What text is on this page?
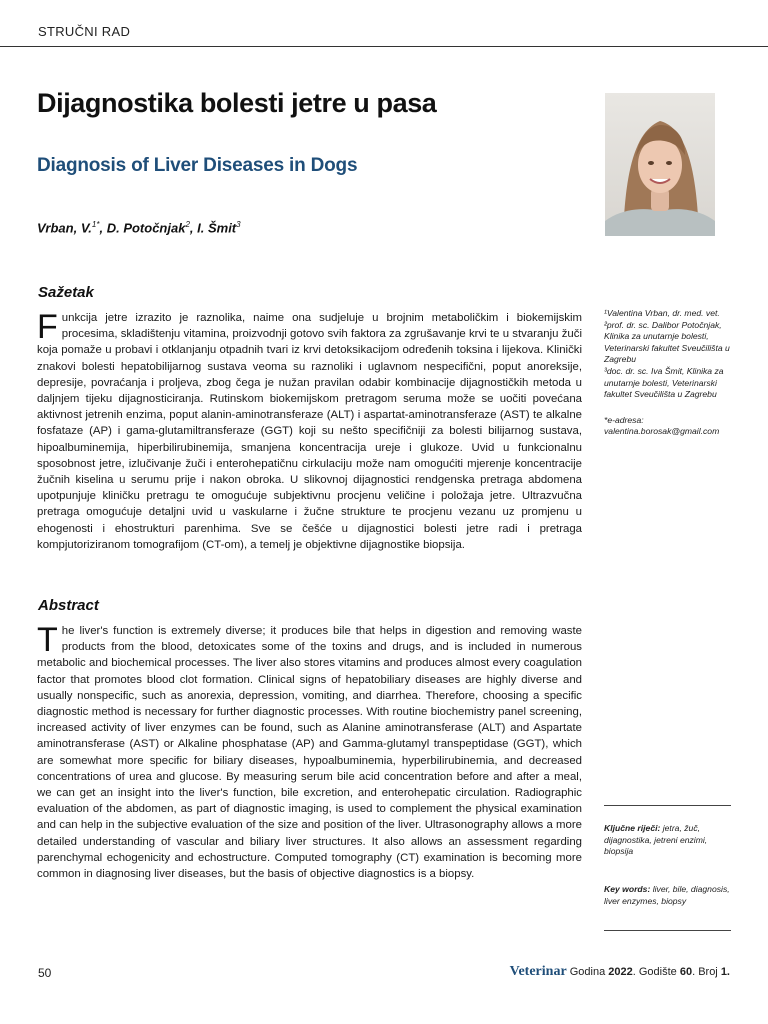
STRUČNI RAD
Dijagnostika bolesti jetre u pasa
Diagnosis of Liver Diseases in Dogs
Vrban, V.$^{1*}$, D. Potočnjak$^2$, I. Šmit$^3$
Sažetak

Funkcija jetre izrazito je raznolika, naime ona sudjeluje u brojnim metaboličkim i biokemijskim procesima, skladištenju vitamina, proizvodnji gotovo svih faktora za zgrušavanje krvi te u stvaranju žuči koja pomaže u probavi i otklanjanju otpadnih tvari iz krvi detoksikacijom određenih toksina i lijekova. Klinički znakovi bolesti hepatobilijarnog sustava veoma su raznoliki i uglavnom nespecifični, poput anoreksije, depresije, povraćanja i proljeva, zbog čega je nužan pravilan odabir kombinacije dijagnostičkih metoda u daljnjem tijeku dijagnosticiranja. Rutinskom biokemijskom pretragom seruma može se uočiti povećana aktivnost jetrenih enzima, poput alanin-aminotransferaze (ALT) i aspartat-aminotransferaze (AST) te alkalne fosfataze (AP) i gama-glutamiltransferaze (GGT) koji su nešto specifičniji za bolesti bilijarnog sustava, hipoalbuminemija, hiperbilirubinemija, smanjena koncentracija ureje i glukoze. Uvid u funkcionalnu sposobnost jetre, izlučivanje žuči i enterohepatičnu cirkulaciju može nam omogućiti mjerenje koncentracije žučnih kiselina u serumu prije i nakon obroka. U slikovnoj dijagnostici rendgenska pretraga abdomena upotpunjuje kliničku pretragu te omogućuje subjektivnu procjenu veličine i položaja jetre. Ultrazvučna pretraga omogućuje detaljni uvid u vaskularne i žučne strukture te procjenu vezanu uz promjenu u ehogenosti i ehostrukturi parenhima. Sve se češće u dijagnostici bolesti jetre radi i pretraga kompjutoriziranom tomografijom (CT-om), a temelj je objektivne dijagnostike biopsija.

Abstract

The liver's function is extremely diverse; it produces bile that helps in digestion and removing waste products from the blood, detoxicates some of the toxins and drugs, and is included in numerous metabolic and biochemical processes. The liver also stores vitamins and produces almost every coagulation factor that promotes blood clot formation. Clinical signs of hepatobiliary diseases are highly diverse and usually nonspecific, such as anorexia, depression, vomiting, and diarrhea. Therefore, choosing a specific diagnostic method is necessary for further diagnostic processes. With routine biochemistry panel screening, increased activity of liver enzymes can be found, such as Alanine aminotransferase (ALT) and Aspartate aminotransferase (AST) or Alkaline phosphatase (AP) and Gamma-glutamyl transpeptidase (GGT), which are somewhat more specific for biliary diseases, hypoalbuminemia, hyperbilirubinemia, and decreased concentrations of urea and glucose. By measuring serum bile acid concentration before and after a meal, we can get an insight into the liver's function, bile excretion, and enterohepatic circulation. Radiographic evaluation of the abdomen, as part of diagnostic imaging, is used to complement the physical examination and can help in the subjective evaluation of the size and position of the liver. Ultrasonography allows a more detailed understanding of vascular and biliary liver structures. It also allows an assessment regarding parenchymal echogenicity and echostructure. Computed tomography (CT) examination is becoming more common in diagnosing liver diseases, but the basis of objective diagnostics is a biopsy.

¹Valentina Vrban, dr. med. vet.

²prof. dr. sc. Dalibor Potočnjak, Klinika za unutarnje bolesti, Veterinarski fakultet Sveučilišta u Zagrebu

³doc. dr. sc. Iva Šmit, Klinika za unutarnje bolesti, Veterinarski fakultet Sveučilišta u Zagrebu

*e-adresa: valentina.borosak@gmail.com

Ključne riječi: jetra, žuč, dijagnostika, jetreni enzimi, biopsija
Key words: liver, bile, diagnosis, liver enzymes, biopsy
50	Veterinar Godina 2022. Godište 60. Broj 1.
